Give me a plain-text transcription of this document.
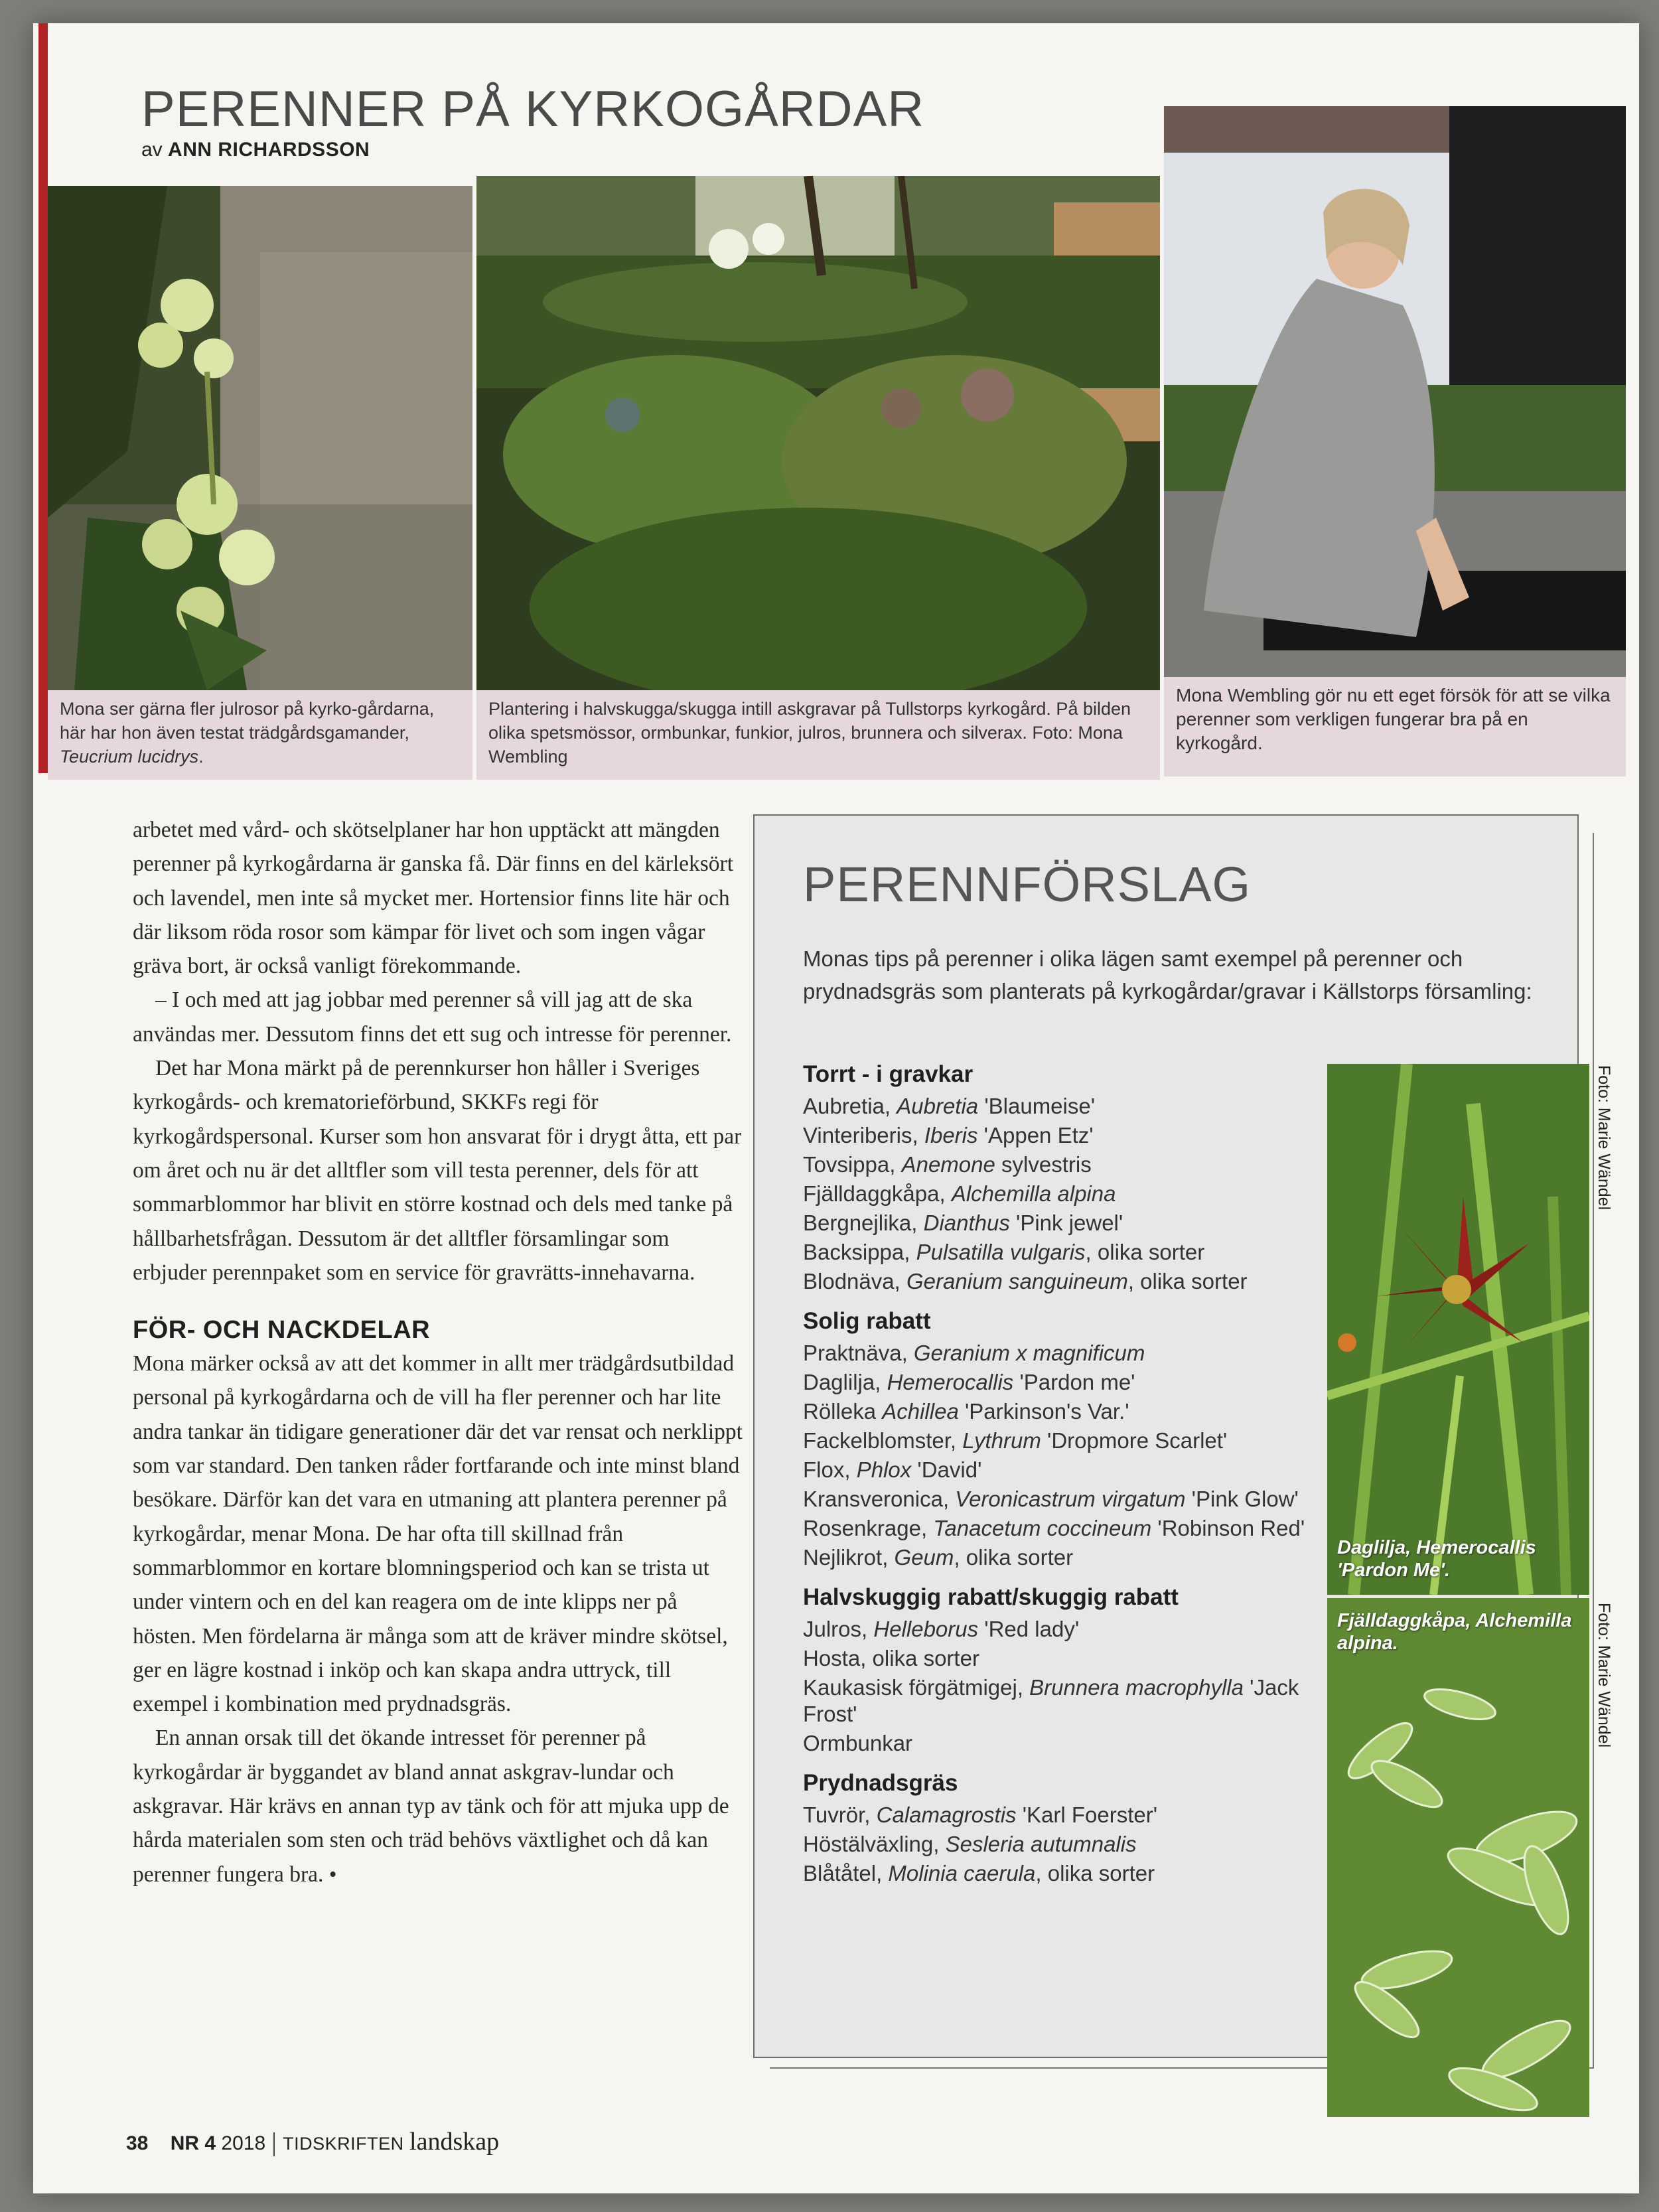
Mona ser gärna fler julrosor på kyrko-gårdarna, här har hon även testat trädgårdsgamander, Teucrium lucidrys.
Plantering i halvskugga/skugga intill askgravar på Tullstorps kyrkogård. På bilden olika spetsmössor, ormbunkar, funkior, julros, brunnera och silverax. Foto: Mona Wembling
Mona Wembling gör nu ett eget försök för att se vilka perenner som verkligen fungerar bra på en kyrkogård.
PERENNER PÅ KYRKOGÅRDAR
av ANN RICHARDSSON

arbetet med vård- och skötselplaner har hon upptäckt att mängden perenner på kyrkogårdarna är ganska få. Där finns en del kärleksört och lavendel, men inte så mycket mer. Hortensior finns lite här och där liksom röda rosor som kämpar för livet och som ingen vågar gräva bort, är också vanligt förekommande.

– I och med att jag jobbar med perenner så vill jag att de ska användas mer. Dessutom finns det ett sug och intresse för perenner.

Det har Mona märkt på de perennkurser hon håller i Sveriges kyrkogårds- och krematorieförbund, SKKFs regi för kyrkogårdspersonal. Kurser som hon ansvarat för i drygt åtta, ett par om året och nu är det alltfler som vill testa perenner, dels för att sommarblommor har blivit en större kostnad och dels med tanke på hållbarhetsfrågan. Dessutom är det alltfler församlingar som erbjuder perennpaket som en service för gravrätts-innehavarna.

FÖR- OCH NACKDELAR

Mona märker också av att det kommer in allt mer trädgårdsutbildad personal på kyrkogårdarna och de vill ha fler perenner och har lite andra tankar än tidigare generationer där det var rensat och nerklippt som var standard. Den tanken råder fortfarande och inte minst bland besökare. Därför kan det vara en utmaning att plantera perenner på kyrkogårdar, menar Mona. De har ofta till skillnad från sommarblommor en kortare blomningsperiod och kan se trista ut under vintern och en del kan reagera om de inte klipps ner på hösten. Men fördelarna är många som att de kräver mindre skötsel, ger en lägre kostnad i inköp och kan skapa andra uttryck, till exempel i kombination med prydnadsgräs.

En annan orsak till det ökande intresset för perenner på kyrkogårdar är byggandet av bland annat askgrav-lundar och askgravar. Här krävs en annan typ av tänk och för att mjuka upp de hårda materialen som sten och träd behövs växtlighet och då kan perenner fungera bra. •

PERENNFÖRSLAG
Monas tips på perenner i olika lägen samt exempel på perenner och prydnadsgräs som planterats på kyrkogårdar/gravar i Källstorps församling:
Torrt - i gravkar
Aubretia, Aubretia 'Blaumeise'
Vinteriberis, Iberis 'Appen Etz'
Tovsippa, Anemone sylvestris
Fjälldaggkåpa, Alchemilla alpina
Bergnejlika, Dianthus 'Pink jewel'
Backsippa, Pulsatilla vulgaris, olika sorter
Blodnäva, Geranium sanguineum, olika sorter
Solig rabatt
Praktnäva, Geranium x magnificum
Daglilja, Hemerocallis 'Pardon me'
Rölleka Achillea 'Parkinson's Var.'
Fackelblomster, Lythrum 'Dropmore Scarlet'
Flox, Phlox 'David'
Kransveronica, Veronicastrum virgatum 'Pink Glow'
Rosenkrage, Tanacetum coccineum 'Robinson Red'
Nejlikrot, Geum, olika sorter
Halvskuggig rabatt/skuggig rabatt
Julros, Helleborus 'Red lady'
Hosta, olika sorter
Kaukasisk förgätmigej, Brunnera macrophylla 'Jack Frost'
Ormbunkar
Prydnadsgräs
Tuvrör, Calamagrostis 'Karl Foerster'
Höstälväxling, Sesleria autumnalis
Blåtåtel, Molinia caerula, olika sorter
Daglilja, Hemerocallis 'Pardon Me'.
Fjälldaggkåpa, Alchemilla alpina.
Foto: Marie Wändel
Foto: Marie Wändel
38 NR 4 2018 TIDSKRIFTEN landskap
